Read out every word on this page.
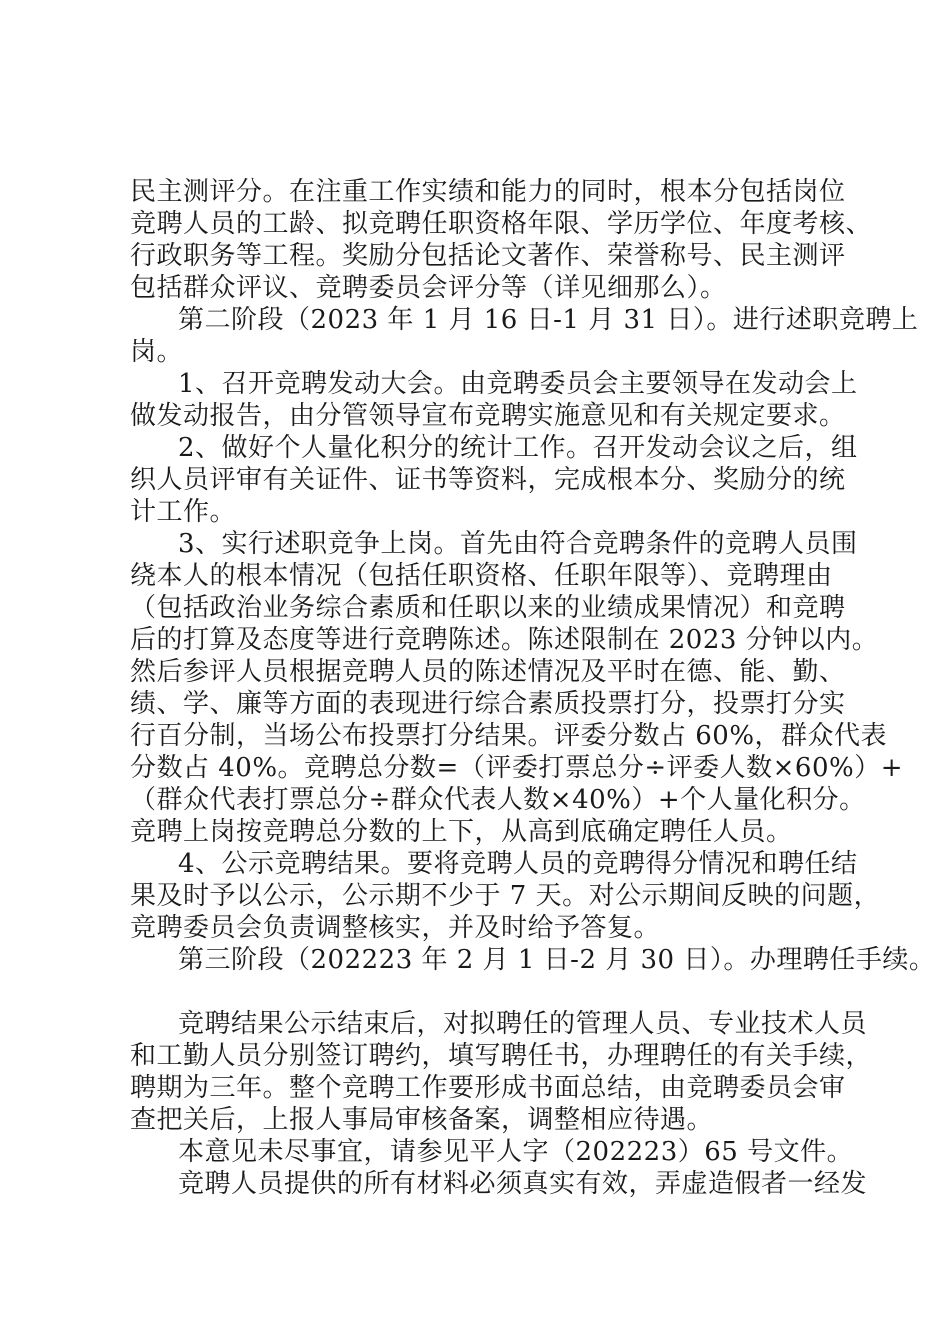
民主测评分。在注重工作实绩和能力的同时，根本分包括岗位
竞聘人员的工龄、拟竞聘任职资格年限、学历学位、年度考核、
行政职务等工程。奖励分包括论文著作、荣誉称号、民主测评
包括群众评议、竞聘委员会评分等（详见细那么）。
第二阶段（2023 年 1 月 16 日-1 月 31 日）。进行述职竞聘上
岗。
1、召开竞聘发动大会。由竞聘委员会主要领导在发动会上
做发动报告，由分管领导宣布竞聘实施意见和有关规定要求。
2、做好个人量化积分的统计工作。召开发动会议之后，组
织人员评审有关证件、证书等资料，完成根本分、奖励分的统
计工作。
3、实行述职竞争上岗。首先由符合竞聘条件的竞聘人员围
绕本人的根本情况（包括任职资格、任职年限等）、竞聘理由
（包括政治业务综合素质和任职以来的业绩成果情况）和竞聘
后的打算及态度等进行竞聘陈述。陈述限制在 2023 分钟以内。
然后参评人员根据竞聘人员的陈述情况及平时在德、能、勤、
绩、学、廉等方面的表现进行综合素质投票打分，投票打分实
行百分制，当场公布投票打分结果。评委分数占 60%，群众代表
分数占 40%。竞聘总分数=（评委打票总分÷评委人数×60%）+
（群众代表打票总分÷群众代表人数×40%）+个人量化积分。
竞聘上岗按竞聘总分数的上下，从高到底确定聘任人员。
4、公示竞聘结果。要将竞聘人员的竞聘得分情况和聘任结
果及时予以公示，公示期不少于 7 天。对公示期间反映的问题，
竞聘委员会负责调整核实，并及时给予答复。
第三阶段（202223 年 2 月 1 日-2 月 30 日）。办理聘任手续。
竞聘结果公示结束后，对拟聘任的管理人员、专业技术人员
和工勤人员分别签订聘约，填写聘任书，办理聘任的有关手续，
聘期为三年。整个竞聘工作要形成书面总结，由竞聘委员会审
查把关后，上报人事局审核备案，调整相应待遇。
本意见未尽事宜，请参见平人字（202223）65 号文件。
竞聘人员提供的所有材料必须真实有效，弄虚造假者一经发
